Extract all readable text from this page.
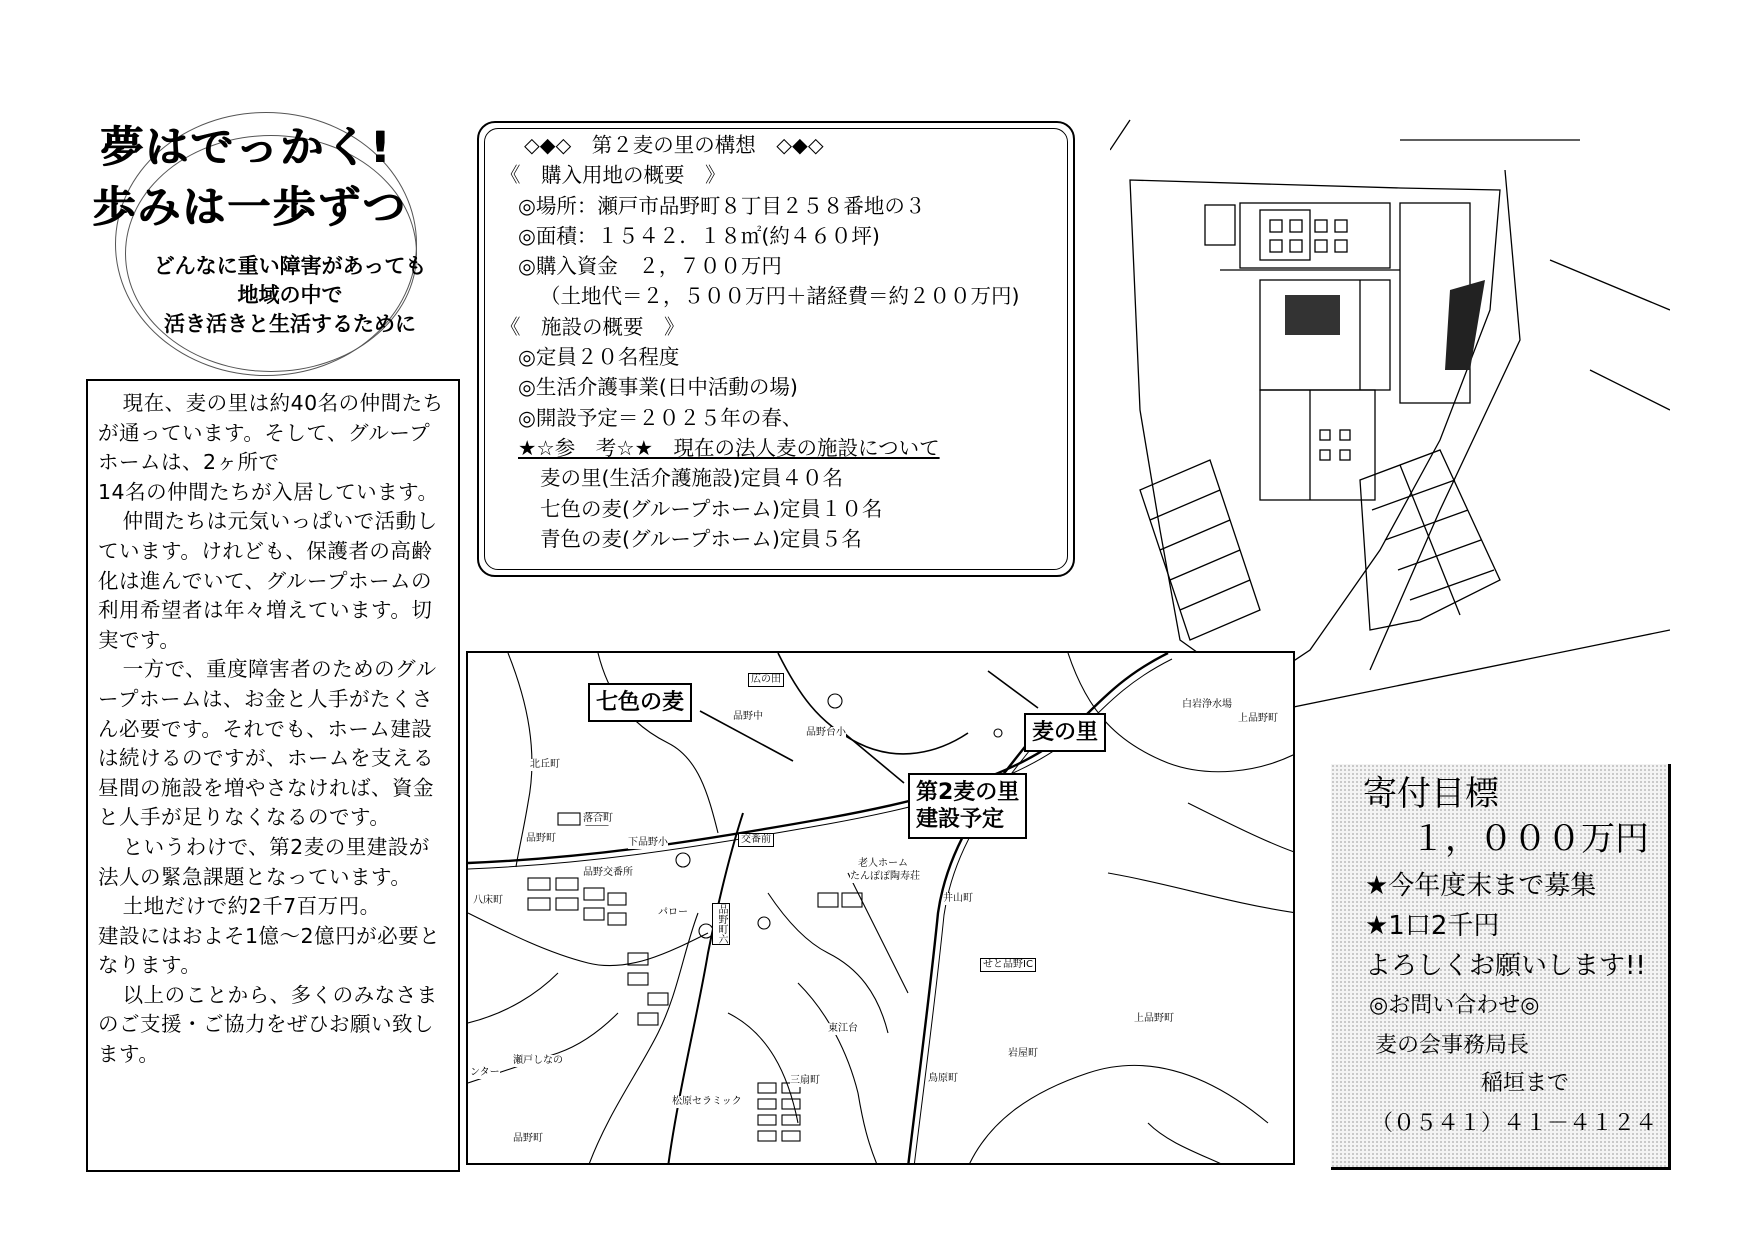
夢はでっかく!
歩みは一歩ずつ
どんなに重い障害があっても
地域の中で
活き活きと生活するために

現在、麦の里は約40名の仲間たちが通っています。そして、グループホームは、2ヶ所で
14名の仲間たちが入居しています。

仲間たちは元気いっぱいで活動しています。けれども、保護者の高齢化は進んでいて、グループホームの利用希望者は年々増えています。切実です。

一方で、重度障害者のためのグループホームは、お金と人手がたくさん必要です。それでも、ホーム建設は続けるのですが、ホームを支える昼間の施設を増やさなければ、資金と人手が足りなくなるのです。

というわけで、第2麦の里建設が法人の緊急課題となっています。

土地だけで約2千7百万円。
建設にはおよそ1億～2億円が必要となります。

以上のことから、多くのみなさまのご支援・ご協力をぜひお願い致します。

◇◆◇　第２麦の里の構想　◇◆◇
《　購入用地の概要　》
◎場所：瀬戸市品野町８丁目２５８番地の３
◎面積：１５４２．１８㎡(約４６０坪)
◎購入資金　２，７００万円
（土地代＝２，５００万円＋諸経費＝約２００万円)
《　施設の概要　》
◎定員２０名程度
◎生活介護事業(日中活動の場)
◎開設予定＝２０２５年の春、
★☆参　考☆★　現在の法人麦の施設について
麦の里(生活介護施設)定員４０名
七色の麦(グループホーム)定員１０名
青色の麦(グループホーム)定員５名
七色の麦
麦の里
第2麦の里
建設予定
広の田
品野中
品野台小
北丘町
落合町
品野町	下品野小	交番前
品野交番所
八床町
パロー	品野町六
老人ホーム
たんぽぽ陶寿荘
井山町
せと品野IC
白岩浄水場
上品野町
上品野町
岩屋町
鳥原町
三扇町
松原セラミック
瀬戸しなの
ンター
品野町
東江台
寄付目標
１，０００万円
★今年度末まで募集
★1口2千円
よろしくお願いします!!
◎お問い合わせ◎
麦の会事務局長
稲垣まで
（０５４１）４１－４１２４
